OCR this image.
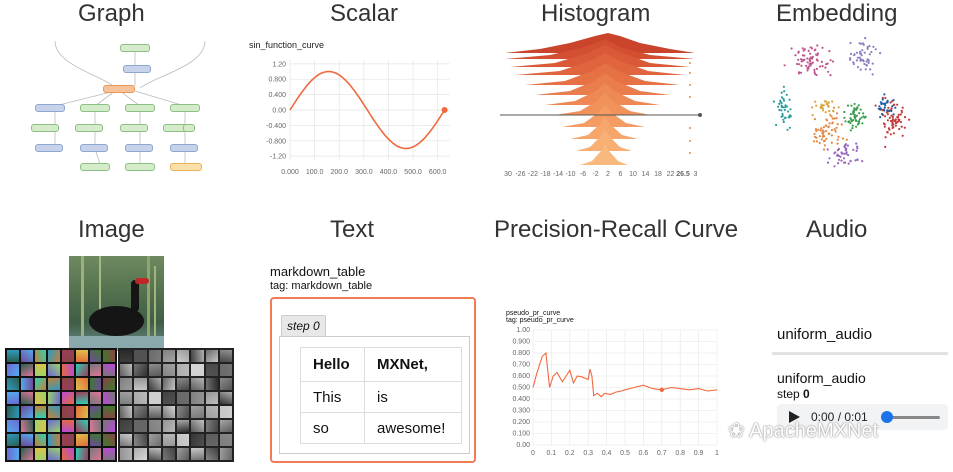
Graph	Scalar	Histogram	Embedding
Image	Text	Precision-Recall Curve	Audio
sin_function_curve
1.20
0.800
0.400
0.00
-0.400
-0.800
-1.20
0.000 100.0 200.0 300.0 400.0 500.0 600.0	30 -26 -22 -18 -14 -10 -6 -2 2 6 10 14 18 22 26.5 3
markdown_table
tag: markdown_table
step 0
Hello	MXNet,
This	is
so	awesome!
pseudo_pr_curve
tag: pseudo_pr_curve
1.00
0.900
0.800
0.700
0.600
0.500
0.400
0.300
0.200
0.100
0.00
0 0.1 0.2 0.3 0.4 0.5 0.6 0.7 0.8 0.9 1
uniform_audio
uniform_audio
step 0
0:00 / 0:01
❀ ApacheMXNet
